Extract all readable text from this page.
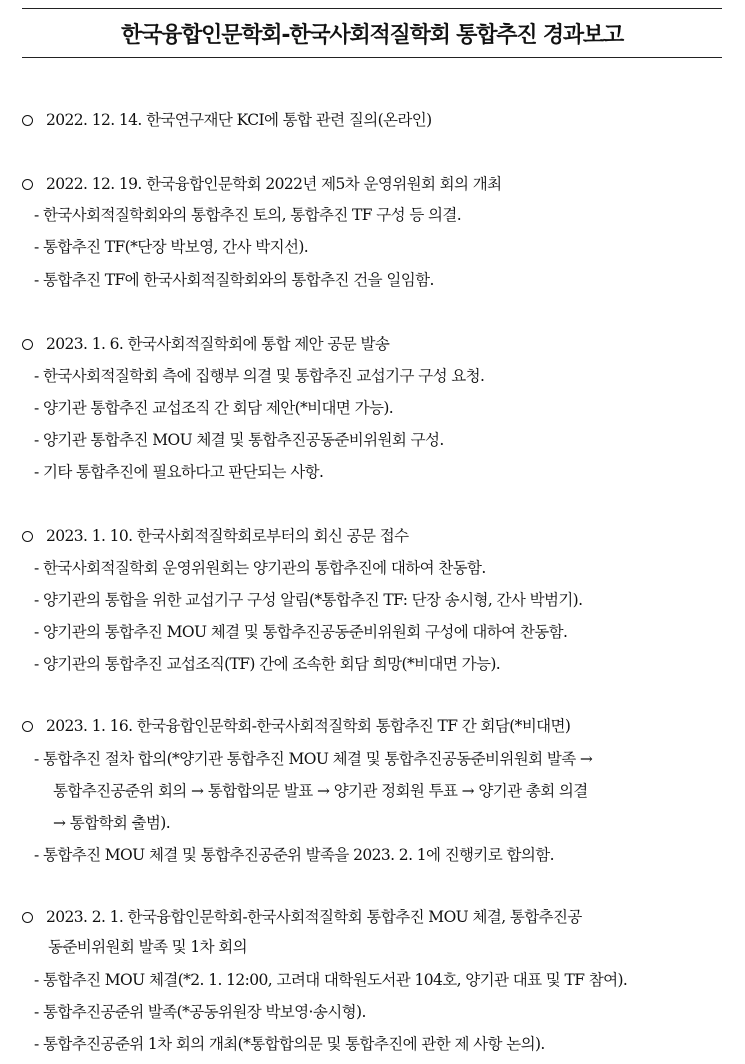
한국융합인문학회-한국사회적질학회 통합추진 경과보고
2022. 12. 14. 한국연구재단 KCI에 통합 관련 질의(온라인)
2022. 12. 19. 한국융합인문학회 2022년 제5차 운영위원회 회의 개최
- 한국사회적질학회와의 통합추진 토의, 통합추진 TF 구성 등 의결.
- 통합추진 TF(*단장 박보영, 간사 박지선).
- 통합추진 TF에 한국사회적질학회와의 통합추진 건을 일임함.
2023. 1. 6. 한국사회적질학회에 통합 제안 공문 발송
- 한국사회적질학회 측에 집행부 의결 및 통합추진 교섭기구 구성 요청.
- 양기관 통합추진 교섭조직 간 회담 제안(*비대면 가능).
- 양기관 통합추진 MOU 체결 및 통합추진공동준비위원회 구성.
- 기타 통합추진에 필요하다고 판단되는 사항.
2023. 1. 10. 한국사회적질학회로부터의 회신 공문 접수
- 한국사회적질학회 운영위원회는 양기관의 통합추진에 대하여 찬동함.
- 양기관의 통합을 위한 교섭기구 구성 알림(*통합추진 TF: 단장 송시형, 간사 박범기).
- 양기관의 통합추진 MOU 체결 및 통합추진공동준비위원회 구성에 대하여 찬동함.
- 양기관의 통합추진 교섭조직(TF) 간에 조속한 회담 희망(*비대면 가능).
2023. 1. 16. 한국융합인문학회-한국사회적질학회 통합추진 TF 간 회담(*비대면)
- 통합추진 절차 합의(*양기관 통합추진 MOU 체결 및 통합추진공동준비위원회 발족 →
통합추진공준위 회의 → 통합합의문 발표 → 양기관 정회원 투표 → 양기관 총회 의결
→ 통합학회 출범).
- 통합추진 MOU 체결 및 통합추진공준위 발족을 2023. 2. 1에 진행키로 합의함.
2023. 2. 1. 한국융합인문학회-한국사회적질학회 통합추진 MOU 체결, 통합추진공
동준비위원회 발족 및 1차 회의
- 통합추진 MOU 체결(*2. 1. 12:00, 고려대 대학원도서관 104호, 양기관 대표 및 TF 참여).
- 통합추진공준위 발족(*공동위원장 박보영·송시형).
- 통합추진공준위 1차 회의 개최(*통합합의문 및 통합추진에 관한 제 사항 논의).
